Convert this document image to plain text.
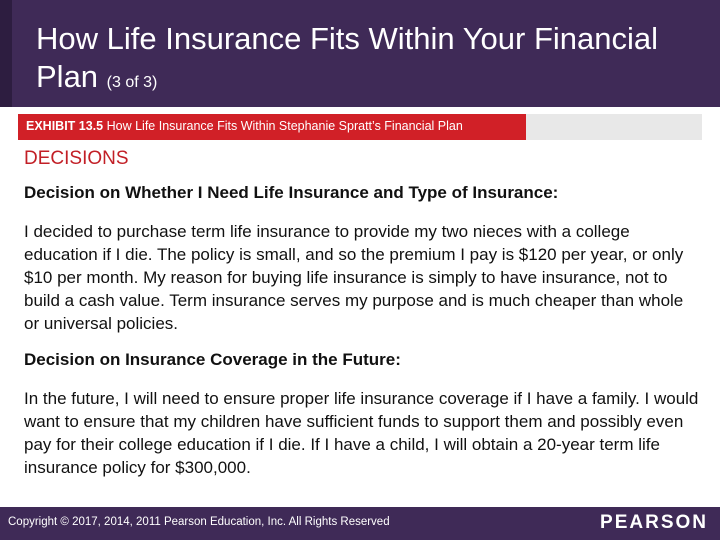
How Life Insurance Fits Within Your Financial Plan (3 of 3)
EXHIBIT 13.5 How Life Insurance Fits Within Stephanie Spratt’s Financial Plan
DECISIONS
Decision on Whether I Need Life Insurance and Type of Insurance:
I decided to purchase term life insurance to provide my two nieces with a college education if I die. The policy is small, and so the premium I pay is $120 per year, or only $10 per month. My reason for buying life insurance is simply to have insurance, not to build a cash value. Term insurance serves my purpose and is much cheaper than whole or universal policies.
Decision on Insurance Coverage in the Future:
In the future, I will need to ensure proper life insurance coverage if I have a family. I would want to ensure that my children have sufficient funds to support them and possibly even pay for their college education if I die. If I have a child, I will obtain a 20-year term life insurance policy for $300,000.
Copyright © 2017, 2014, 2011 Pearson Education, Inc. All Rights Reserved	PEARSON
